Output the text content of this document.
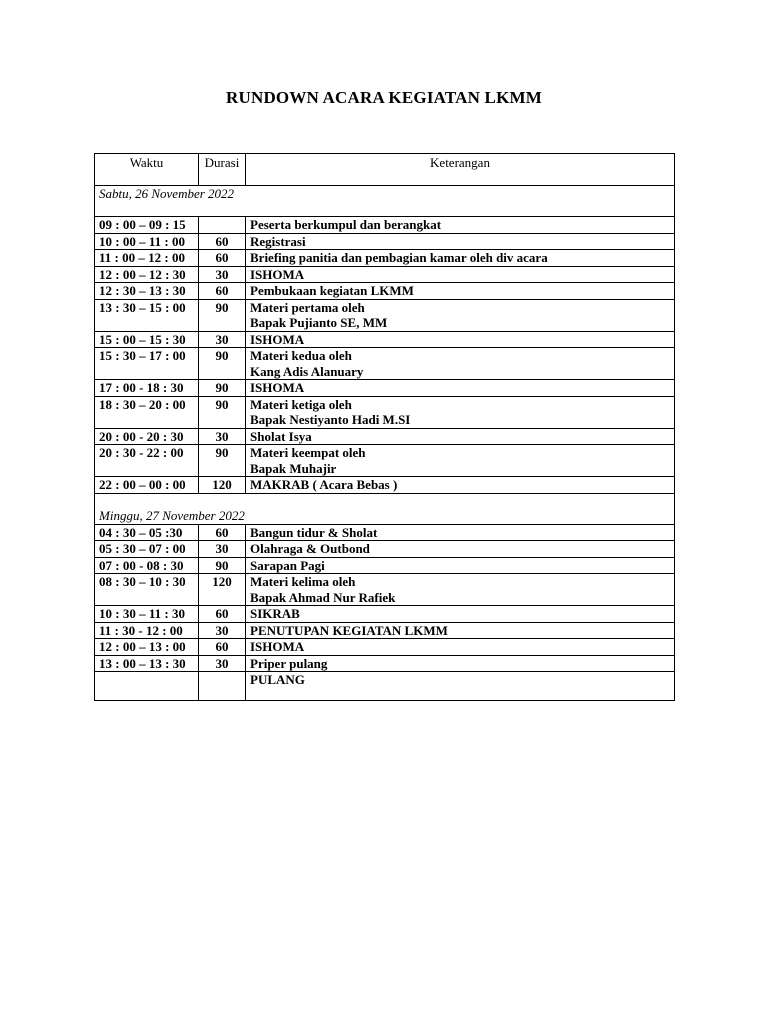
RUNDOWN ACARA KEGIATAN LKMM
Waktu	Durasi	Keterangan
Sabtu, 26 November 2022		
09 : 00 – 09 : 15		Peserta berkumpul dan berangkat

10 : 00 – 11 : 00	60	Registrasi

11 : 00 – 12 : 00	60	Briefing panitia dan pembagian kamar oleh div acara

12 : 00 – 12 : 30	30	ISHOMA

12 : 30 – 13 : 30	60	Pembukaan kegiatan LKMM

13 : 30 – 15 : 00	90	Materi pertama oleh
Bapak Pujianto SE, MM

15 : 00 – 15 : 30	30	ISHOMA

15 : 30 – 17 : 00	90	Materi kedua oleh
Kang Adis Alanuary

17 : 00 - 18 : 30	90	ISHOMA

18 : 30 – 20 : 00	90	Materi ketiga oleh
Bapak Nestiyanto Hadi M.SI

20 : 00 - 20 : 30	30	Sholat Isya

20 : 30 - 22 : 00	90	Materi keempat oleh
Bapak Muhajir

22 : 00 – 00 : 00	120	MAKRAB ( Acara Bebas )

Minggu, 27 November 2022		
04 : 30 – 05 :30	60	Bangun tidur & Sholat

05 : 30 – 07 : 00	30	Olahraga & Outbond

07 : 00 - 08 : 30	90	Sarapan Pagi

08 : 30 – 10 : 30	120	Materi kelima oleh
Bapak Ahmad Nur Rafiek

10 : 30 – 11 : 30	60	SIKRAB

11 : 30 - 12 : 00	30	PENUTUPAN KEGIATAN LKMM

12 : 00 – 13 : 00	60	ISHOMA

13 : 00 – 13 : 30	30	Priper pulang

		PULANG
